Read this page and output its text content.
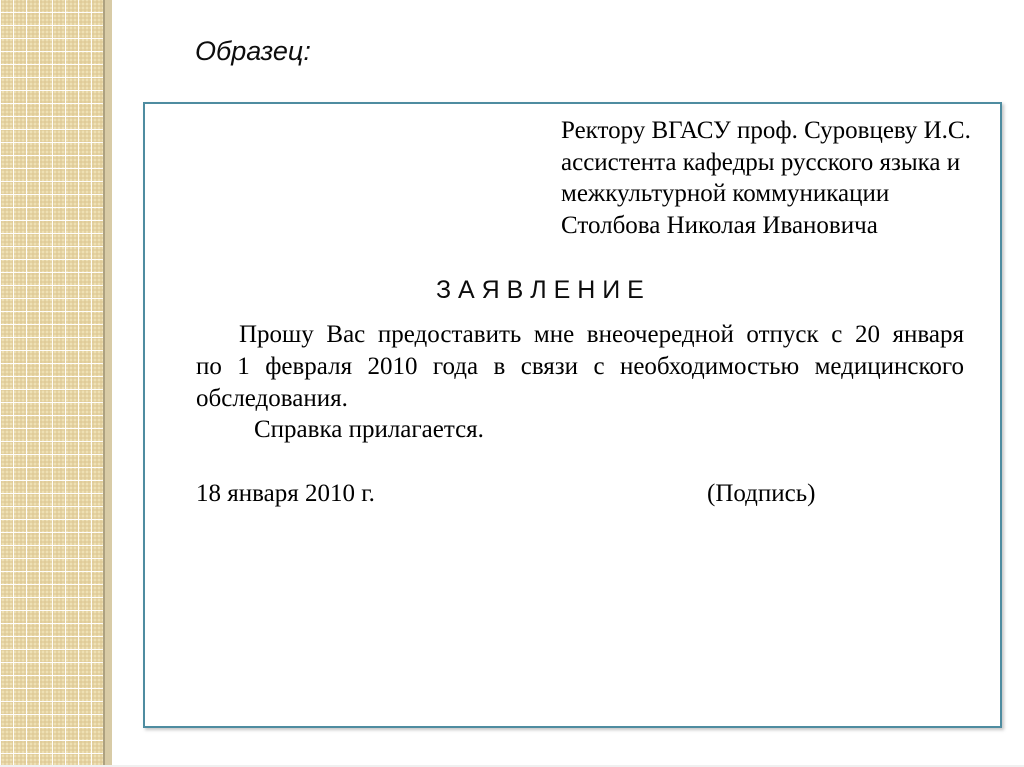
Образец:
Ректору ВГАСУ проф. Суровцеву И.С.
ассистента кафедры русского языка и
межкультурной коммуникации
Столбова Николая Ивановича
З А Я В Л Е Н И Е

Прошу Вас предоставить мне внеочередной отпуск с 20 января

по 1 февраля 2010 года в связи с необходимостью медицинского

обследования.

Справка прилагается.

18 января 2010 г.	(Подпись)
